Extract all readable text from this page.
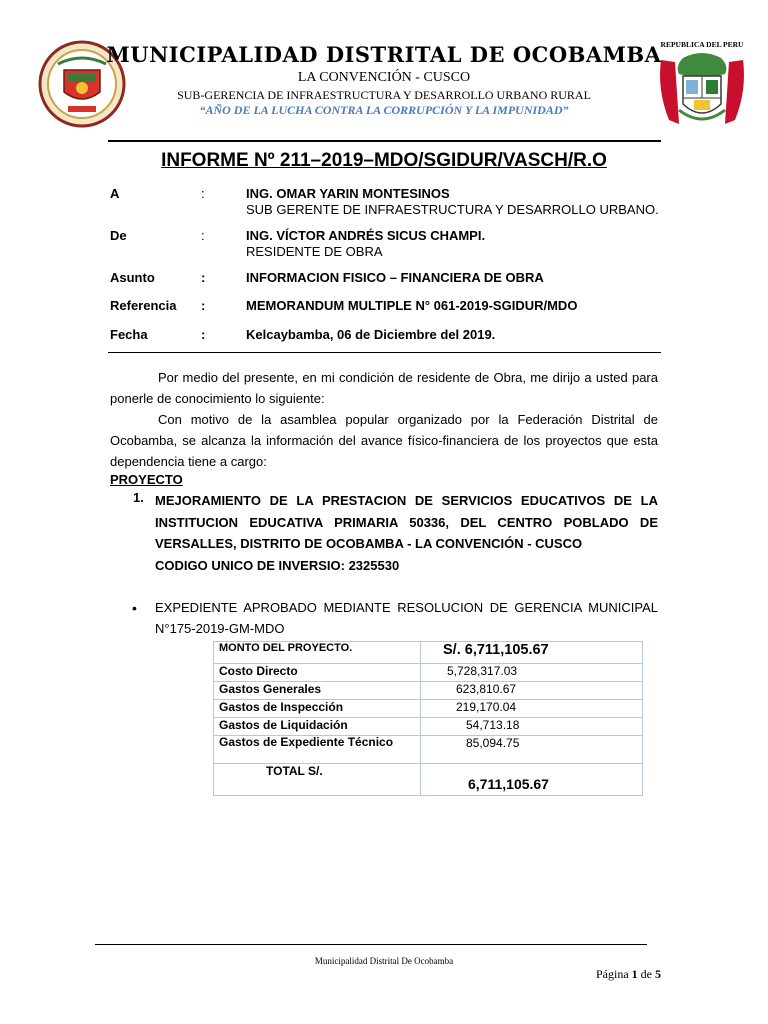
REPUBLICA DEL PERU
MUNICIPALIDAD DISTRITAL DE OCOBAMBA
LA CONVENCIÓN - CUSCO
SUB-GERENCIA DE INFRAESTRUCTURA Y DESARROLLO URBANO RURAL
“AÑO DE LA LUCHA CONTRA LA CORRUPCIÓN Y LA IMPUNIDAD”
INFORME Nº 211–2019–MDO/SGIDUR/VASCH/R.O
A	:	ING. OMAR YARIN MONTESINOS
SUB GERENTE DE INFRAESTRUCTURA Y DESARROLLO URBANO.
De	:	ING. VÍCTOR ANDRÉS SICUS CHAMPI.
RESIDENTE DE OBRA
Asunto	:	INFORMACION FISICO – FINANCIERA DE OBRA
Referencia :	MEMORANDUM MULTIPLE N° 061-2019-SGIDUR/MDO
Fecha	:	Kelcaybamba, 06 de Diciembre del 2019.
Por medio del presente, en mi condición de residente de Obra, me dirijo a usted para ponerle de conocimiento lo siguiente:
Con motivo de la asamblea popular organizado por la Federación Distrital de Ocobamba, se alcanza la información del avance físico-financiera de los proyectos que esta dependencia tiene a cargo:
PROYECTO
1. MEJORAMIENTO DE LA PRESTACION DE SERVICIOS EDUCATIVOS DE LA INSTITUCION EDUCATIVA PRIMARIA 50336, DEL CENTRO POBLADO DE VERSALLES, DISTRITO DE OCOBAMBA - LA CONVENCIÓN - CUSCO
CODIGO UNICO DE INVERSIO: 2325530
• EXPEDIENTE APROBADO MEDIANTE RESOLUCION DE GERENCIA MUNICIPAL N°175-2019-GM-MDO
MONTO DEL PROYECTO.	S/. 6,711,105.67
Costo Directo	5,728,317.03
Gastos Generales	623,810.67
Gastos de Inspección	219,170.04
Gastos de Liquidación	54,713.18
Gastos de Expediente Técnico	85,094.75
TOTAL S/.	6,711,105.67
Municipalidad Distrital De Ocobamba
Página 1 de 5
